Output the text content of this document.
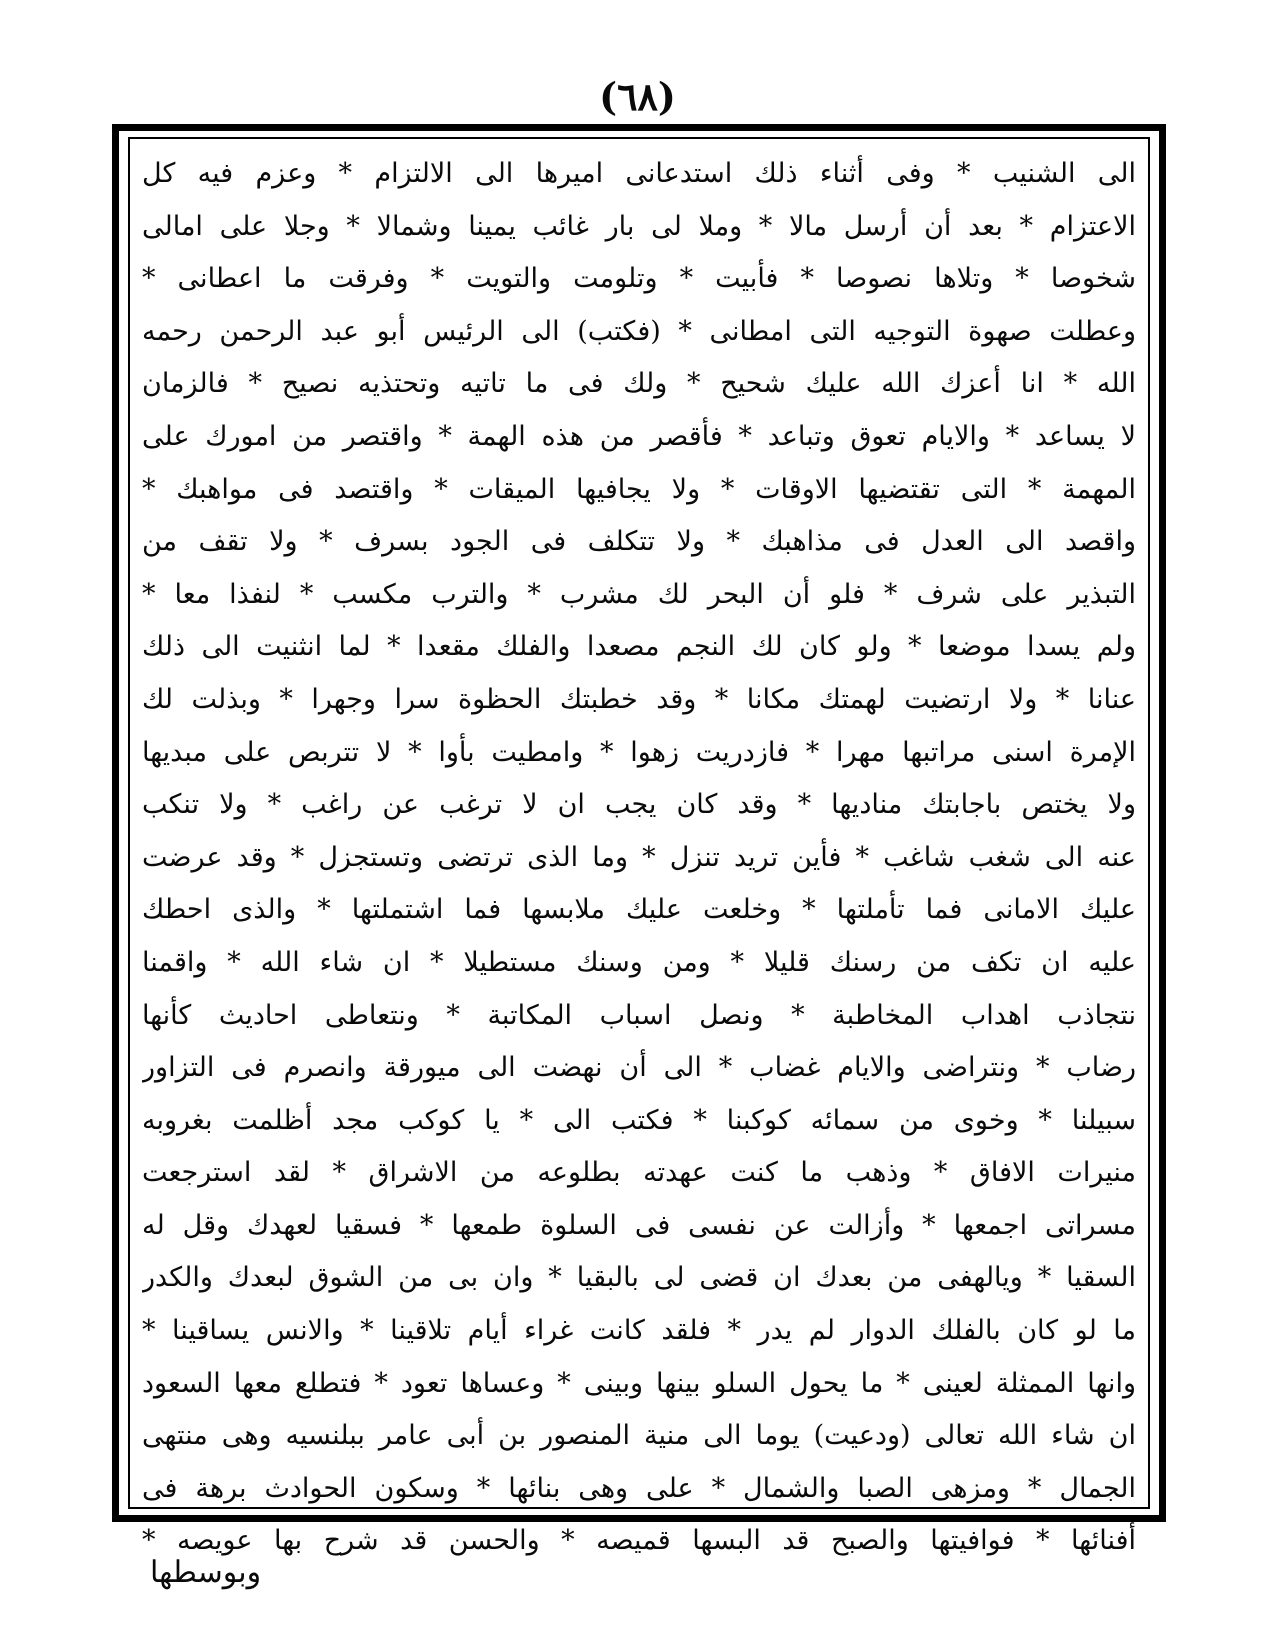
(٦٨)
الى الشنيب * وفى أثناء ذلك استدعانى اميرها الى الالتزام * وعزم فيه كل
الاعتزام * بعد أن أرسل مالا * وملا لى بار غائب يمينا وشمالا * وجلا على امالى
شخوصا * وتلاها نصوصا * فأبيت * وتلومت والتويت * وفرقت ما اعطانى *
وعطلت صهوة التوجيه التى امطانى * (فكتب) الى الرئيس أبو عبد الرحمن رحمه
الله * انا أعزك الله عليك شحيح * ولك فى ما تاتيه وتحتذيه نصيح * فالزمان
لا يساعد * والايام تعوق وتباعد * فأقصر من هذه الهمة * واقتصر من امورك على
المهمة * التى تقتضيها الاوقات * ولا يجافيها الميقات * واقتصد فى مواهبك *
واقصد الى العدل فى مذاهبك * ولا تتكلف فى الجود بسرف * ولا تقف من
التبذير على شرف * فلو أن البحر لك مشرب * والترب مكسب * لنفذا معا *
ولم يسدا موضعا * ولو كان لك النجم مصعدا والفلك مقعدا * لما انثنيت الى ذلك
عنانا * ولا ارتضيت لهمتك مكانا * وقد خطبتك الحظوة سرا وجهرا * وبذلت لك
الإمرة اسنى مراتبها مهرا * فازدريت زهوا * وامطيت بأوا * لا تتربص على مبديها
ولا يختص باجابتك مناديها * وقد كان يجب ان لا ترغب عن راغب * ولا تنكب
عنه الى شغب شاغب * فأين تريد تنزل * وما الذى ترتضى وتستجزل * وقد عرضت
عليك الامانى فما تأملتها * وخلعت عليك ملابسها فما اشتملتها * والذى احطك
عليه ان تكف من رسنك قليلا * ومن وسنك مستطيلا * ان شاء الله * واقمنا
نتجاذب اهداب المخاطبة * ونصل اسباب المكاتبة * ونتعاطى احاديث كأنها
رضاب * ونتراضى والايام غضاب * الى أن نهضت الى ميورقة وانصرم فى التزاور
سبيلنا * وخوى من سمائه كوكبنا * فكتب الى * يا كوكب مجد أظلمت بغروبه
منيرات الافاق * وذهب ما كنت عهدته بطلوعه من الاشراق * لقد استرجعت
مسراتى اجمعها * وأزالت عن نفسى فى السلوة طمعها * فسقيا لعهدك وقل له
السقيا * ويالهفى من بعدك ان قضى لى بالبقيا * وان بى من الشوق لبعدك والكدر
ما لو كان بالفلك الدوار لم يدر * فلقد كانت غراء أيام تلاقينا * والانس يساقينا *
وانها الممثلة لعينى * ما يحول السلو بينها وبينى * وعساها تعود * فتطلع معها السعود
ان شاء الله تعالى (ودعيت) يوما الى منية المنصور بن أبى عامر ببلنسيه وهى منتهى
الجمال * ومزهى الصبا والشمال * على وهى بنائها * وسكون الحوادث برهة فى
أفنائها * فوافيتها والصبح قد البسها قميصه * والحسن قد شرح بها عويصه *
وبوسطها
